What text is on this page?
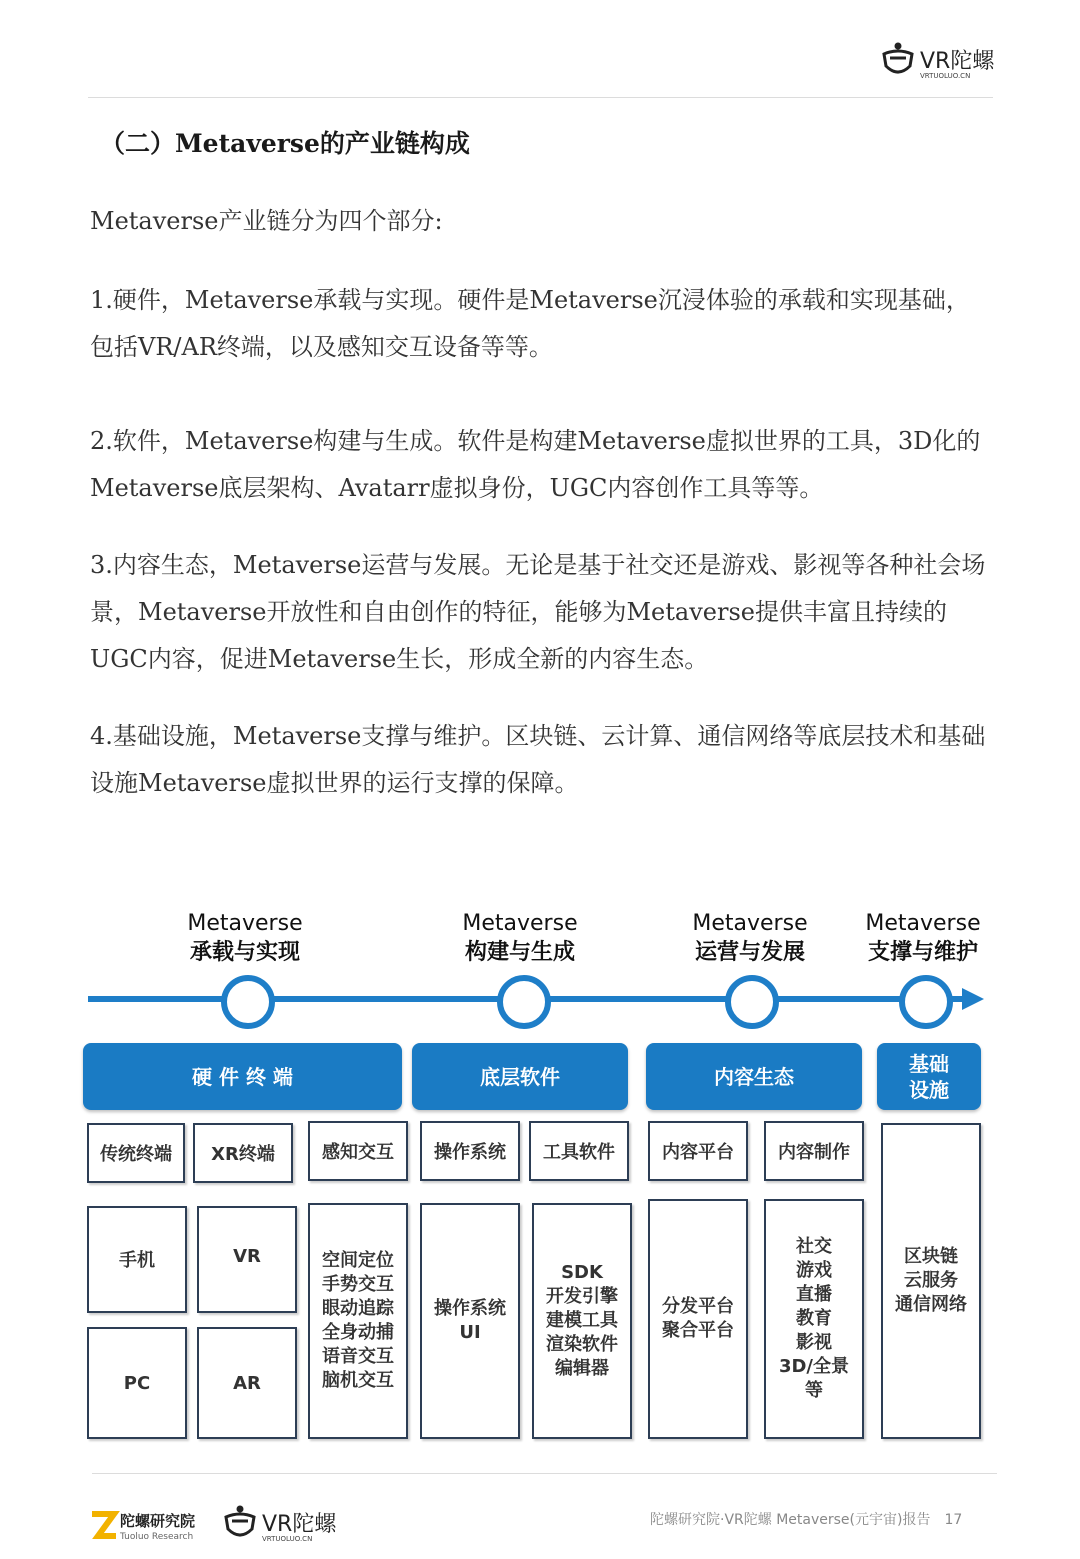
VR陀螺
VRTUOLUO.CN
（二）Metaverse的产业链构成
Metaverse产业链分为四个部分:
1.硬件，Metaverse承载与实现。硬件是Metaverse沉浸体验的承载和实现基础，包括VR/AR终端，以及感知交互设备等等。
2.软件，Metaverse构建与生成。软件是构建Metaverse虚拟世界的工具，3D化的Metaverse底层架构、Avatarr虚拟身份，UGC内容创作工具等等。
3.内容生态，Metaverse运营与发展。无论是基于社交还是游戏、影视等各种社会场景，Metaverse开放性和自由创作的特征，能够为Metaverse提供丰富且持续的UGC内容，促进Metaverse生长，形成全新的内容生态。
4.基础设施，Metaverse支撑与维护。区块链、云计算、通信网络等底层技术和基础设施Metaverse虚拟世界的运行支撑的保障。
Metaverse
承载与实现
Metaverse
构建与生成
Metaverse
运营与发展
Metaverse
支撑与维护
硬 件 终 端	底层软件	内容生态
基础
设施
传统终端	XR终端	感知交互	操作系统	工具软件	内容平台	内容制作
手机
PC
VR
AR
空间定位
手势交互
眼动追踪
全身动捕
语音交互
脑机交互
操作系统
UI
SDK
开发引擎
建模工具
渲染软件
编辑器
分发平台
聚合平台
社交
游戏
直播
教育
影视
3D/全景
等
区块链
云服务
通信网络
陀螺研究院
Tuoluo Research	VR陀螺
VRTUOLUO.CN
陀螺研究院·VR陀螺 Metaverse(元宇宙)报告 17
